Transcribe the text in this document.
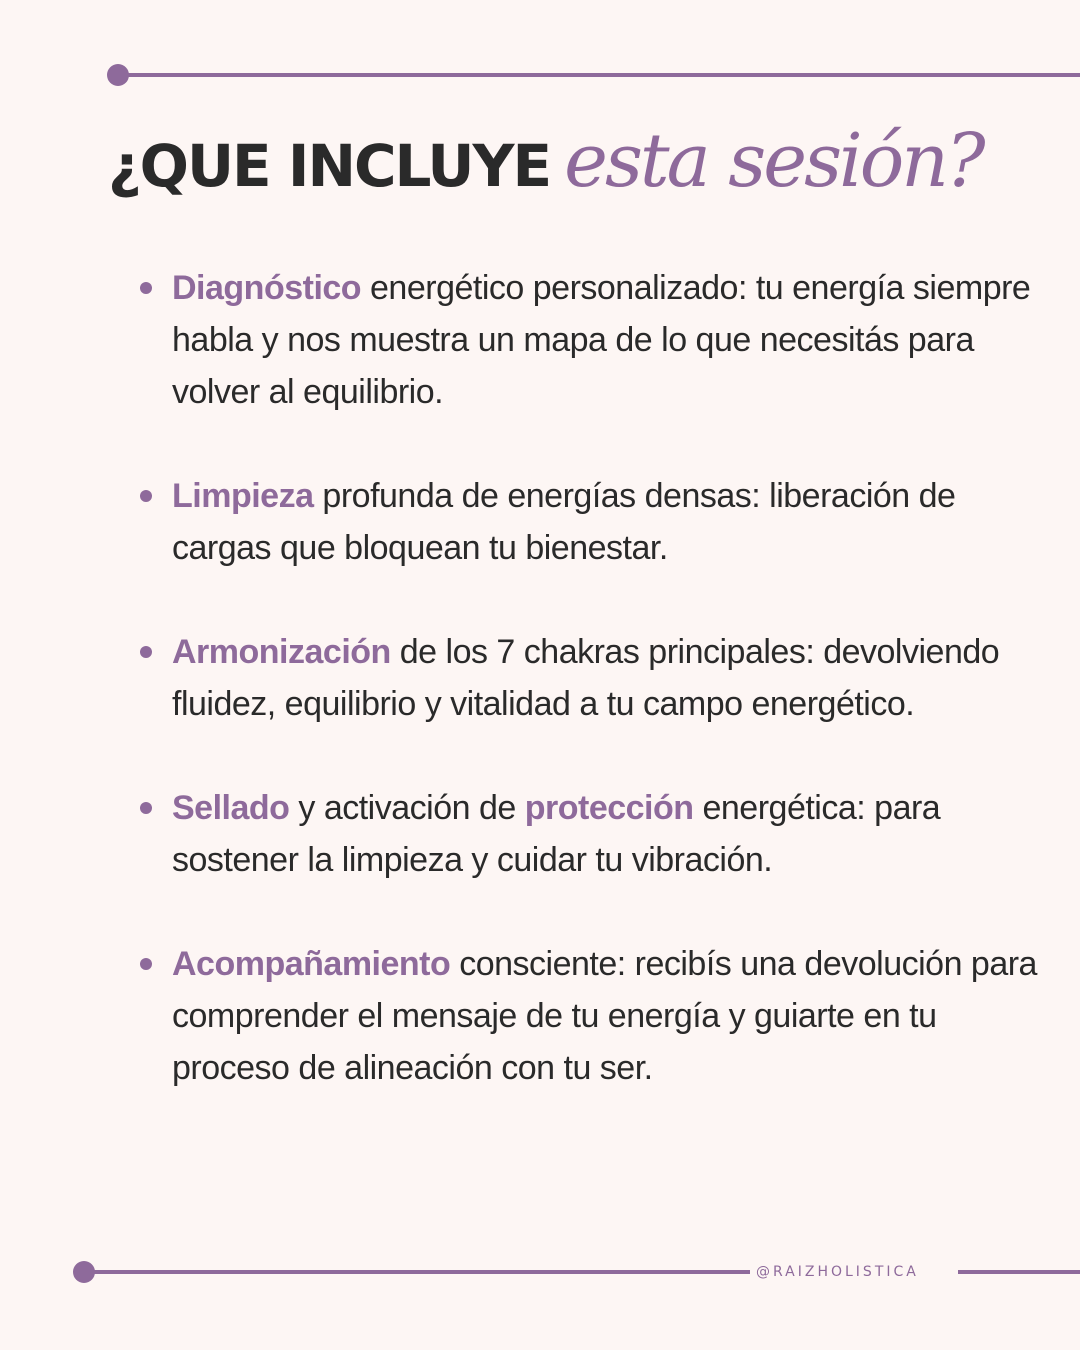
¿QUE INCLUYE esta sesión?
Diagnóstico energético personalizado: tu energía siempre habla y nos muestra un mapa de lo que necesitás para volver al equilibrio.
Limpieza profunda de energías densas: liberación de cargas que bloquean tu bienestar.
Armonización de los 7 chakras principales: devolviendo fluidez, equilibrio y vitalidad a tu campo energético.
Sellado y activación de protección energética: para sostener la limpieza y cuidar tu vibración.
Acompañamiento consciente: recibís una devolución para comprender el mensaje de tu energía y guiarte en tu proceso de alineación con tu ser.
@RAIZHOLISTICA
